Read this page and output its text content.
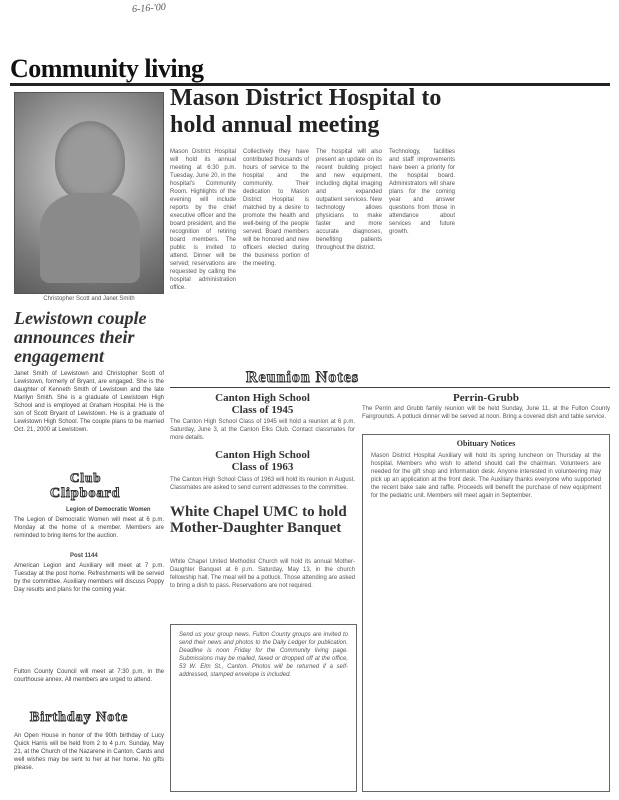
6-16-'00
Community living
Christopher Scott and Janet Smith
Lewistown couple announces their engagement
Janet Smith of Lewistown and Christopher Scott of Lewistown, formerly of Bryant, are engaged. She is the daughter of Kenneth Smith of Lewistown and the late Marilyn Smith. She is a graduate of Lewistown High School and is employed at Graham Hospital. He is the son of Scott Bryant of Lewistown. He is a graduate of Lewistown High School. The couple plans to be married Oct. 21, 2000 at Lewistown.
Club
Clipboard
Legion of Democratic Women
The Legion of Democratic Women will meet at 6 p.m. Monday at the home of a member. Members are reminded to bring items for the auction.
Post 1144
American Legion and Auxiliary will meet at 7 p.m. Tuesday at the post home. Refreshments will be served by the committee. Auxiliary members will discuss Poppy Day results and plans for the coming year.
Fulton County Council will meet at 7:30 p.m. in the courthouse annex. All members are urged to attend.
Birthday Note
An Open House in honor of the 90th birthday of Lucy Quick Harris will be held from 2 to 4 p.m. Sunday, May 21, at the Church of the Nazarene in Canton. Cards and well wishes may be sent to her at her home. No gifts please.
Mason District Hospital to hold annual meeting
Mason District Hospital will hold its annual meeting at 6:30 p.m. Tuesday, June 20, in the hospital's Community Room. Highlights of the evening will include reports by the chief executive officer and the board president, and the recognition of retiring board members. The public is invited to attend. Dinner will be served; reservations are requested by calling the hospital administration office.
Collectively they have contributed thousands of hours of service to the hospital and the community. Their dedication to Mason District Hospital is matched by a desire to promote the health and well-being of the people served. Board members will be honored and new officers elected during the business portion of the meeting.
The hospital will also present an update on its recent building project and new equipment, including digital imaging and expanded outpatient services. New technology allows physicians to make faster and more accurate diagnoses, benefiting patients throughout the district.
Technology, facilities and staff improvements have been a priority for the hospital board. Administrators will share plans for the coming year and answer questions from those in attendance about services and future growth.
Reunion Notes
Canton High School
Class of 1945
The Canton High School Class of 1945 will hold a reunion at 6 p.m. Saturday, June 3, at the Canton Elks Club. Contact classmates for more details.
Canton High School
Class of 1963
The Canton High School Class of 1963 will hold its reunion in August. Classmates are asked to send current addresses to the committee.
Perrin-Grubb
The Perrin and Grubb family reunion will be held Sunday, June 11, at the Fulton County Fairgrounds. A potluck dinner will be served at noon. Bring a covered dish and table service.
Obituary Notices
Mason District Hospital Auxiliary will hold its spring luncheon on Thursday at the hospital. Members who wish to attend should call the chairman. Volunteers are needed for the gift shop and information desk. Anyone interested in volunteering may pick up an application at the front desk. The Auxiliary thanks everyone who supported the recent bake sale and raffle. Proceeds will benefit the purchase of new equipment for the pediatric unit. Members will meet again in September.
White Chapel UMC to hold Mother-Daughter Banquet
White Chapel United Methodist Church will hold its annual Mother-Daughter Banquet at 6 p.m. Saturday, May 13, in the church fellowship hall. The meal will be a potluck. Those attending are asked to bring a dish to pass. Reservations are not required.
Send us your group news. Fulton County groups are invited to send their news and photos to the Daily Ledger for publication. Deadline is noon Friday for the Community living page. Submissions may be mailed, faxed or dropped off at the office, 53 W. Elm St., Canton. Photos will be returned if a self-addressed, stamped envelope is included.
